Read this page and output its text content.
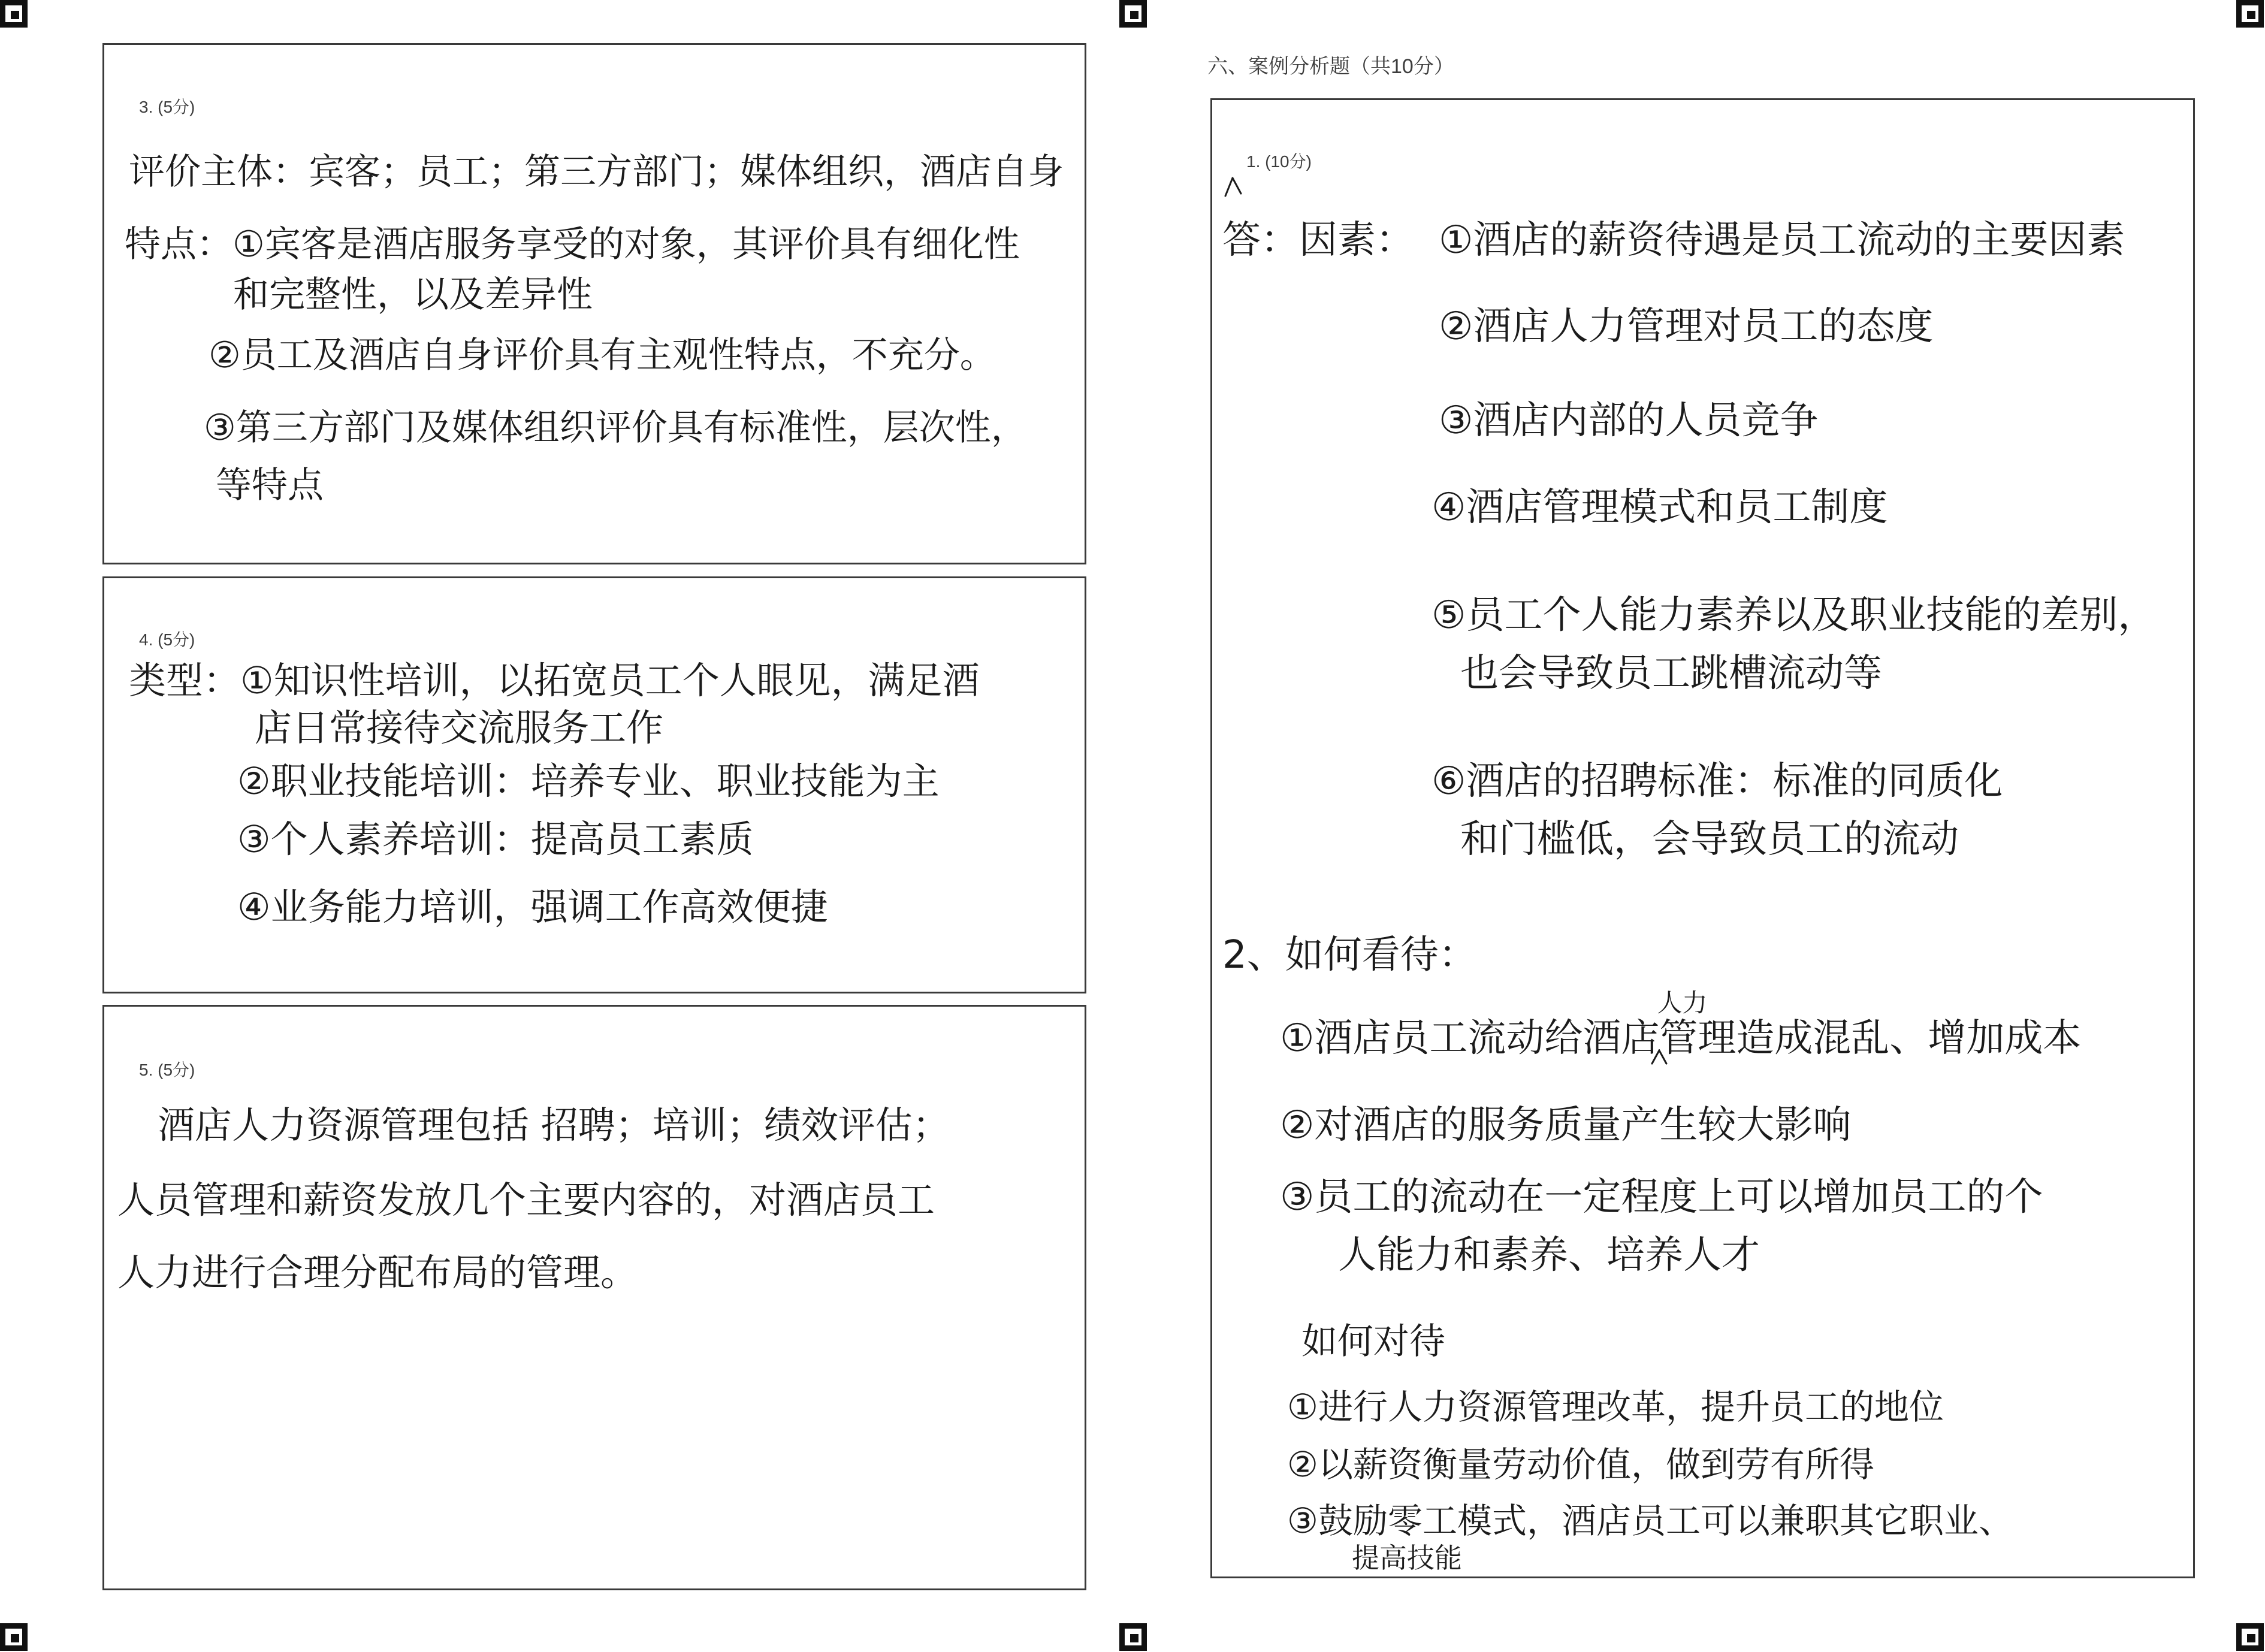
3. (5分)
评价主体：宾客；员工；第三方部门；媒体组织，酒店自身
特点：①宾客是酒店服务享受的对象，其评价具有细化性
和完整性，以及差异性
②员工及酒店自身评价具有主观性特点，不充分。
③第三方部门及媒体组织评价具有标准性，层次性，
等特点
4. (5分)
类型：①知识性培训，以拓宽员工个人眼见，满足酒
店日常接待交流服务工作
②职业技能培训：培养专业、职业技能为主
③个人素养培训：提高员工素质
④业务能力培训，强调工作高效便捷
5. (5分)
酒店人力资源管理包括 招聘；培训；绩效评估；
人员管理和薪资发放几个主要内容的，对酒店员工
人力进行合理分配布局的管理。
六、案例分析题（共10分）
1. (10分)
答：因素： ①酒店的薪资待遇是员工流动的主要因素
②酒店人力管理对员工的态度
③酒店内部的人员竞争
④酒店管理模式和员工制度
⑤员工个人能力素养以及职业技能的差别，
也会导致员工跳槽流动等
⑥酒店的招聘标准：标准的同质化
和门槛低，会导致员工的流动
2、如何看待：
①酒店员工流动给酒店
人力
管理造成混乱、增加成本
②对酒店的服务质量产生较大影响
③员工的流动在一定程度上可以增加员工的个
人能力和素养、培养人才
如何对待
①进行人力资源管理改革，提升员工的地位
②以薪资衡量劳动价值，做到劳有所得
③鼓励零工模式，酒店员工可以兼职其它职业、
提高技能
